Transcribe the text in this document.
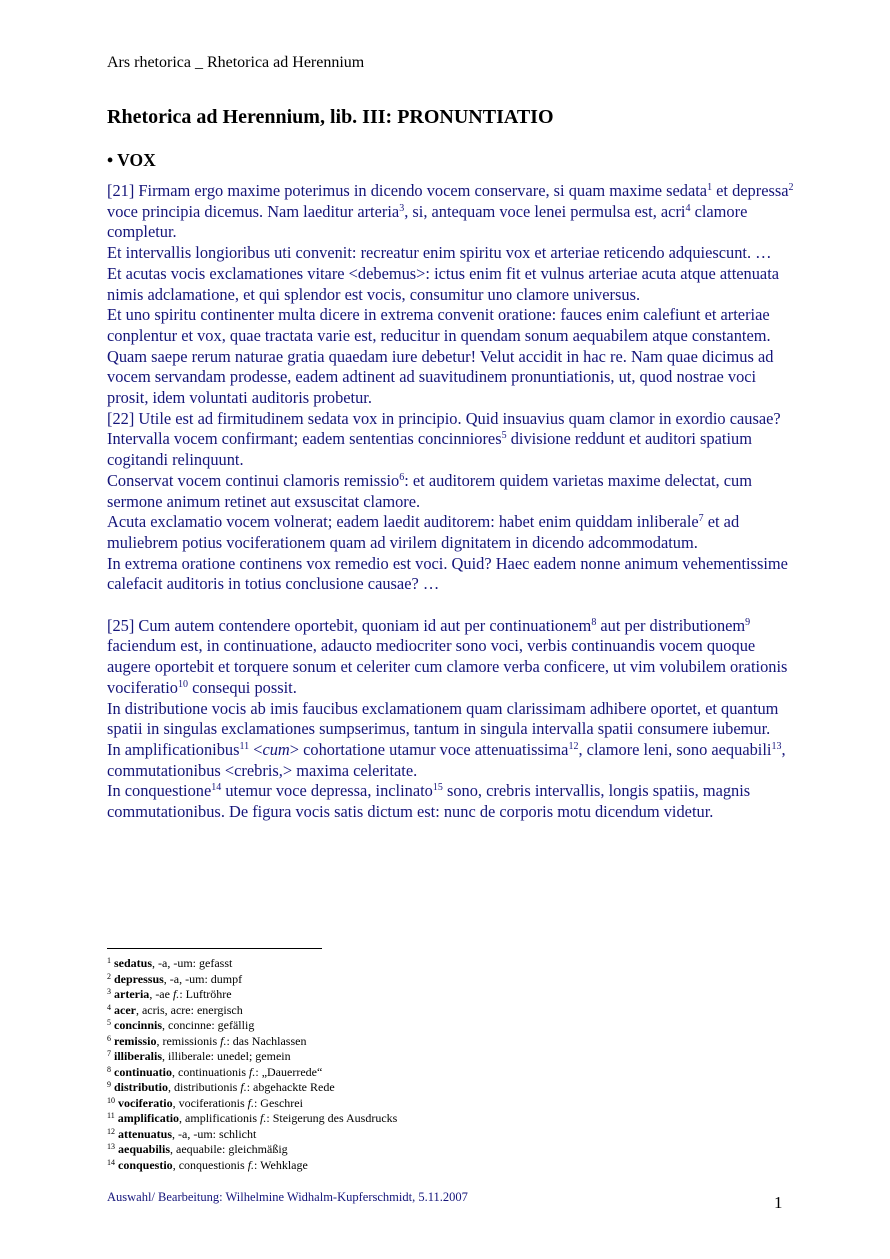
Ars rhetorica _ Rhetorica ad Herennium
Rhetorica ad Herennium, lib. III: PRONUNTIATIO
• VOX

[21] Firmam ergo maxime poterimus in dicendo vocem conservare, si quam maxime sedata$^1$ et depressa$^2$ voce principia dicemus. Nam laeditur arteria$^3$, si, antequam voce lenei permulsa est, acri$^4$ clamore completur.

Et intervallis longioribus uti convenit: recreatur enim spiritu vox et arteriae reticendo adquiescunt. …

Et acutas vocis exclamationes vitare <debemus>: ictus enim fit et vulnus arteriae acuta atque attenuata nimis adclamatione, et qui splendor est vocis, consumitur uno clamore universus.

Et uno spiritu continenter multa dicere in extrema convenit oratione: fauces enim calefiunt et arteriae conplentur et vox, quae tractata varie est, reducitur in quendam sonum aequabilem atque constantem.

Quam saepe rerum naturae gratia quaedam iure debetur! Velut accidit in hac re. Nam quae dicimus ad vocem servandam prodesse, eadem adtinent ad suavitudinem pronuntiationis, ut, quod nostrae voci prosit, idem voluntati auditoris probetur.

[22] Utile est ad firmitudinem sedata vox in principio. Quid insuavius quam clamor in exordio causae?

Intervalla vocem confirmant; eadem sententias concinniores$^5$ divisione reddunt et auditori spatium cogitandi relinquunt.

Conservat vocem continui clamoris remissio$^6$: et auditorem quidem varietas maxime delectat, cum sermone animum retinet aut exsuscitat clamore.

Acuta exclamatio vocem volnerat; eadem laedit auditorem: habet enim quiddam inliberale$^7$ et ad muliebrem potius vociferationem quam ad virilem dignitatem in dicendo adcommodatum.

In extrema oratione continens vox remedio est voci. Quid? Haec eadem nonne animum vehementissime calefacit auditoris in totius conclusione causae? …

[25] Cum autem contendere oportebit, quoniam id aut per continuationem$^8$ aut per distributionem$^9$ faciendum est, in continuatione, adaucto mediocriter sono voci, verbis continuandis vocem quoque augere oportebit et torquere sonum et celeriter cum clamore verba conficere, ut vim volubilem orationis vociferatio$^{10}$ consequi possit.

In distributione vocis ab imis faucibus exclamationem quam clarissimam adhibere oportet, et quantum spatii in singulas exclamationes sumpserimus, tantum in singula intervalla spatii consumere iubemur.

In amplificationibus$^{11}$ <cum> cohortatione utamur voce attenuatissima$^{12}$, clamore leni, sono aequabili$^{13}$, commutationibus <crebris,> maxima celeritate.

In conquestione$^{14}$ utemur voce depressa, inclinato$^{15}$ sono, crebris intervallis, longis spatiis, magnis commutationibus. De figura vocis satis dictum est: nunc de corporis motu dicendum videtur.

$^1$ sedatus, -a, -um: gefasst
$^2$ depressus, -a, -um: dumpf
$^3$ arteria, -ae f.: Luftröhre
$^4$ acer, acris, acre: energisch
$^5$ concinnis, concinne: gefällig
$^6$ remissio, remissionis f.: das Nachlassen
$^7$ illiberalis, illiberale: unedel; gemein
$^8$ continuatio, continuationis f.: „Dauerrede“
$^9$ distributio, distributionis f.: abgehackte Rede
$^{10}$ vociferatio, vociferationis f.: Geschrei
$^{11}$ amplificatio, amplificationis f.: Steigerung des Ausdrucks
$^{12}$ attenuatus, -a, -um: schlicht
$^{13}$ aequabilis, aequabile: gleichmäßig
$^{14}$ conquestio, conquestionis f.: Wehklage
Auswahl/ Bearbeitung: Wilhelmine Widhalm-Kupferschmidt, 5.11.2007	1
